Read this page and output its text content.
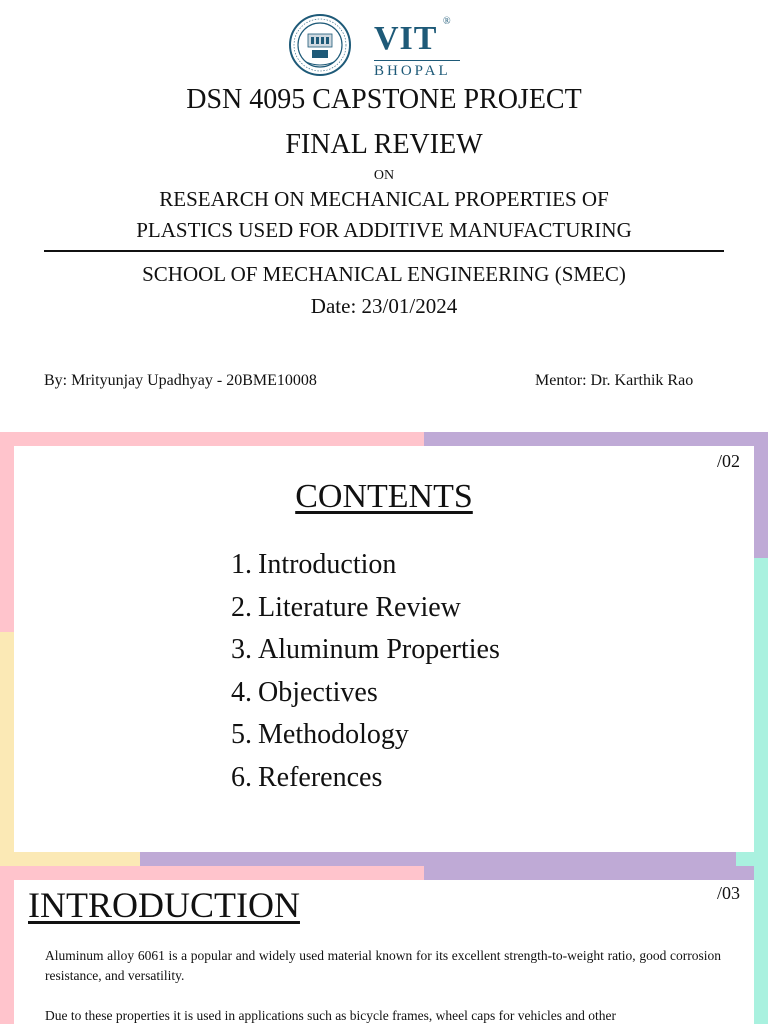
VIT ®
BHOPAL
DSN 4095 CAPSTONE PROJECT
FINAL REVIEW
ON
RESEARCH ON MECHANICAL PROPERTIES OF
PLASTICS USED FOR ADDITIVE MANUFACTURING
SCHOOL OF MECHANICAL ENGINEERING (SMEC)
Date: 23/01/2024
By: Mrityunjay Upadhyay - 20BME10008	Mentor: Dr. Karthik Rao
/02
CONTENTS
1. Introduction
2. Literature Review
3. Aluminum Properties
4. Objectives
5. Methodology
6. References
INTRODUCTION	/03

Aluminum alloy 6061 is a popular and widely used material known for its excellent strength-to-weight ratio, good corrosion resistance, and versatility.

Due to these properties it is used in applications such as bicycle frames, wheel caps for vehicles and other
